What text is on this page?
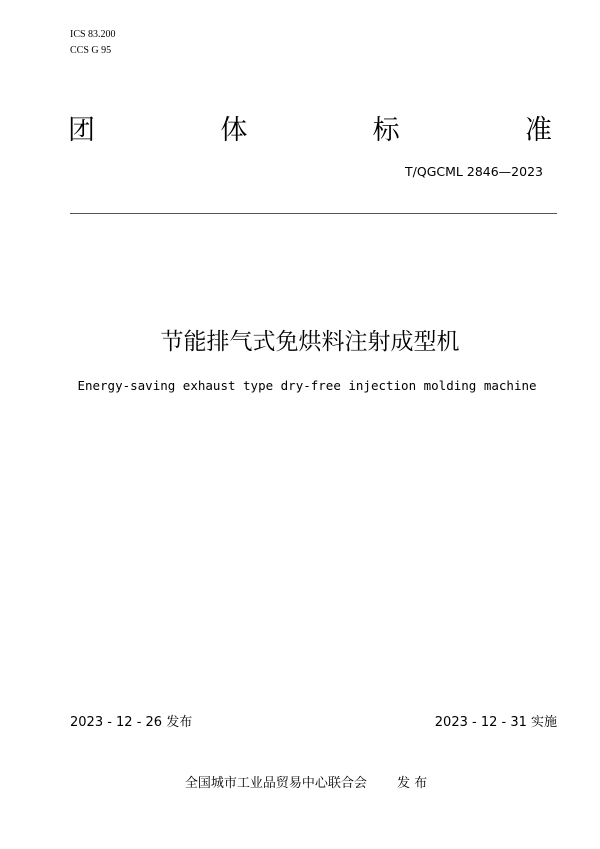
ICS 83.200
CCS G 95
团	体	标	准
T/QGCML 2846—2023
节能排气式免烘料注射成型机
Energy-saving exhaust type dry-free injection molding machine
2023 - 12 - 26 发布	2023 - 12 - 31 实施
全国城市工业品贸易中心联合会 发 布
